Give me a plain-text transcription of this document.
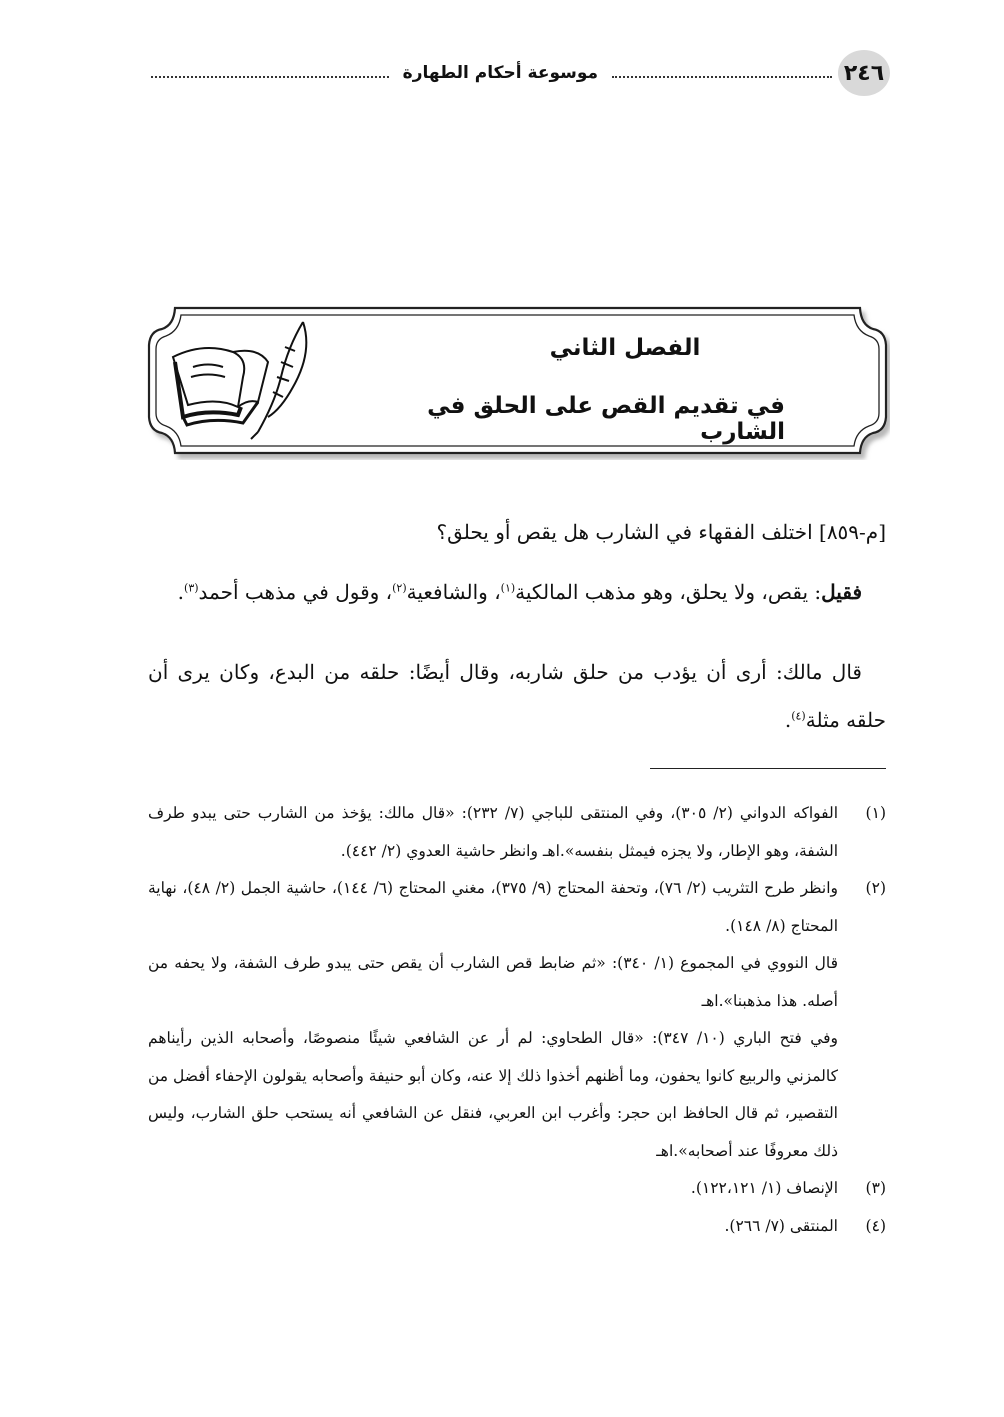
٢٤٦
موسوعة أحكام الطهارة
الفصل الثاني
في تقديم القص على الحلق في الشارب

[م-٨٥٩] اختلف الفقهاء في الشارب هل يقص أو يحلق؟

فقيل: يقص، ولا يحلق، وهو مذهب المالكية$^{(١)}$، والشافعية$^{(٢)}$، وقول في مذهب أحمد$^{(٣)}$.

قال مالك: أرى أن يؤدب من حلق شاربه، وقال أيضًا: حلقه من البدع، وكان يرى أن حلقه مثلة$^{(٤)}$.

(١)
الفواكه الدواني (٢/ ٣٠٥)، وفي المنتقى للباجي (٧/ ٢٣٢): «قال مالك: يؤخذ من الشارب حتى يبدو طرف الشفة، وهو الإطار، ولا يجزه فيمثل بنفسه».اهـ وانظر حاشية العدوي (٢/ ٤٤٢).
(٢)
وانظر طرح التثريب (٢/ ٧٦)، وتحفة المحتاج (٩/ ٣٧٥)، مغني المحتاج (٦/ ١٤٤)، حاشية الجمل (٢/ ٤٨)، نهاية المحتاج (٨/ ١٤٨).
قال النووي في المجموع (١/ ٣٤٠): «ثم ضابط قص الشارب أن يقص حتى يبدو طرف الشفة، ولا يحفه من أصله. هذا مذهبنا».اهـ
وفي فتح الباري (١٠/ ٣٤٧): «قال الطحاوي: لم أر عن الشافعي شيئًا منصوصًا، وأصحابه الذين رأيناهم كالمزني والربيع كانوا يحفون، وما أظنهم أخذوا ذلك إلا عنه، وكان أبو حنيفة وأصحابه يقولون الإحفاء أفضل من التقصير، ثم قال الحافظ ابن حجر: وأغرب ابن العربي، فنقل عن الشافعي أنه يستحب حلق الشارب، وليس ذلك معروفًا عند أصحابه».اهـ
(٣)
الإنصاف (١/ ١٢٢،١٢١).
(٤)
المنتقى (٧/ ٢٦٦).
